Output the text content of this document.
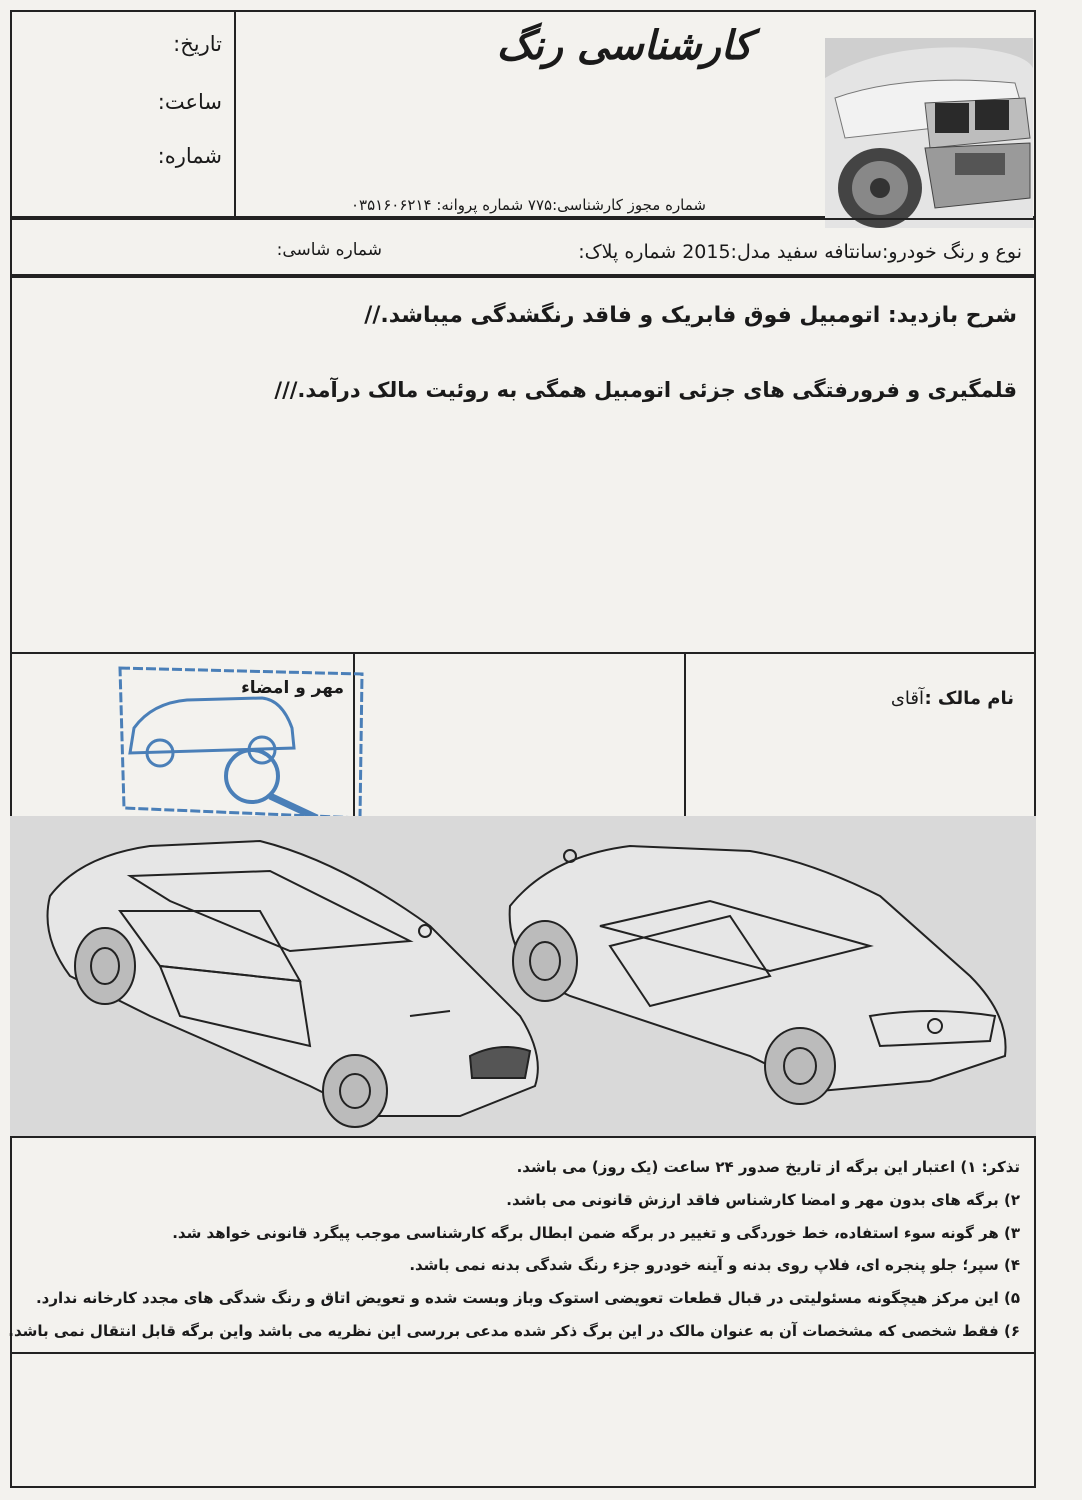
تاریخ:
ساعت:
شماره:
کارشناسی رنگ
شماره مجوز کارشناسی:۷۷۵ شماره پروانه: ۰۳۵۱۶۰۶۲۱۴
نوع و رنگ خودرو:سانتافه سفید مدل:2015 شماره پلاک:
شماره شاسی:
شرح بازدید: اتومبیل فوق فابریک و فاقد رنگشدگی میباشد.//
قلمگیری و فرورفتگی های جزئی اتومبیل همگی به روئیت مالک درآمد.///
مهر و امضاء	نام مالک :
آقای
تذکر: ۱) اعتبار این برگه از تاریخ صدور ۲۴ ساعت (یک روز) می باشد.
۲) برگه های بدون مهر و امضا کارشناس فاقد ارزش قانونی می باشد.
۳) هر گونه سوء استفاده، خط خوردگی و تغییر در برگه ضمن ابطال برگه کارشناسی موجب پیگرد قانونی خواهد شد.
۴) سپر؛ جلو پنجره ای، فلاپ روی بدنه و آینه خودرو جزء رنگ شدگی بدنه نمی باشد.
۵) این مرکز هیچگونه مسئولیتی در قبال قطعات تعویضی استوک وباز وبست شده و تعویض اتاق و رنگ شدگی های مجدد کارخانه ندارد.
۶) فقط شخصی که مشخصات آن به عنوان مالک در این برگ ذکر شده مدعی بررسی این نظریه می باشد واین برگه قابل انتقال نمی باشد.
